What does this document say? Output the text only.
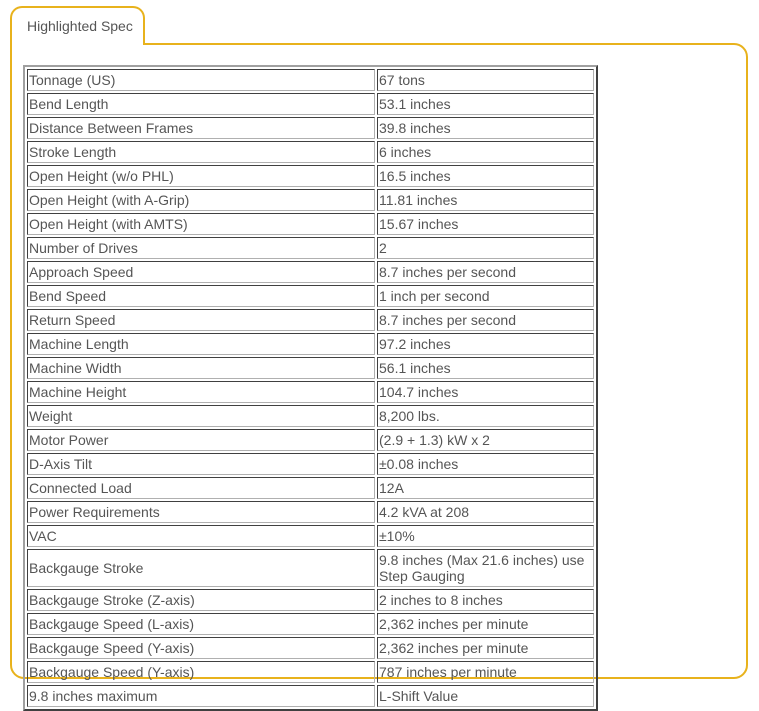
Highlighted Spec
Tonnage (US)	67 tons
Bend Length	53.1 inches
Distance Between Frames	39.8 inches
Stroke Length	6 inches
Open Height (w/o PHL)	16.5 inches
Open Height (with A-Grip)	11.81 inches
Open Height (with AMTS)	15.67 inches
Number of Drives	2
Approach Speed	8.7 inches per second
Bend Speed	1 inch per second
Return Speed	8.7 inches per second
Machine Length	97.2 inches
Machine Width	56.1 inches
Machine Height	104.7 inches
Weight	8,200 lbs.
Motor Power	(2.9 + 1.3) kW x 2
D-Axis Tilt	±0.08 inches
Connected Load	12A
Power Requirements	4.2 kVA at 208
VAC	±10%
Backgauge Stroke	9.8 inches (Max 21.6 inches) use Step Gauging
Backgauge Stroke (Z-axis)	2 inches to 8 inches
Backgauge Speed (L-axis)	2,362 inches per minute
Backgauge Speed (Y-axis)	2,362 inches per minute
Backgauge Speed (Y-axis)	787 inches per minute
9.8 inches maximum	L-Shift Value
